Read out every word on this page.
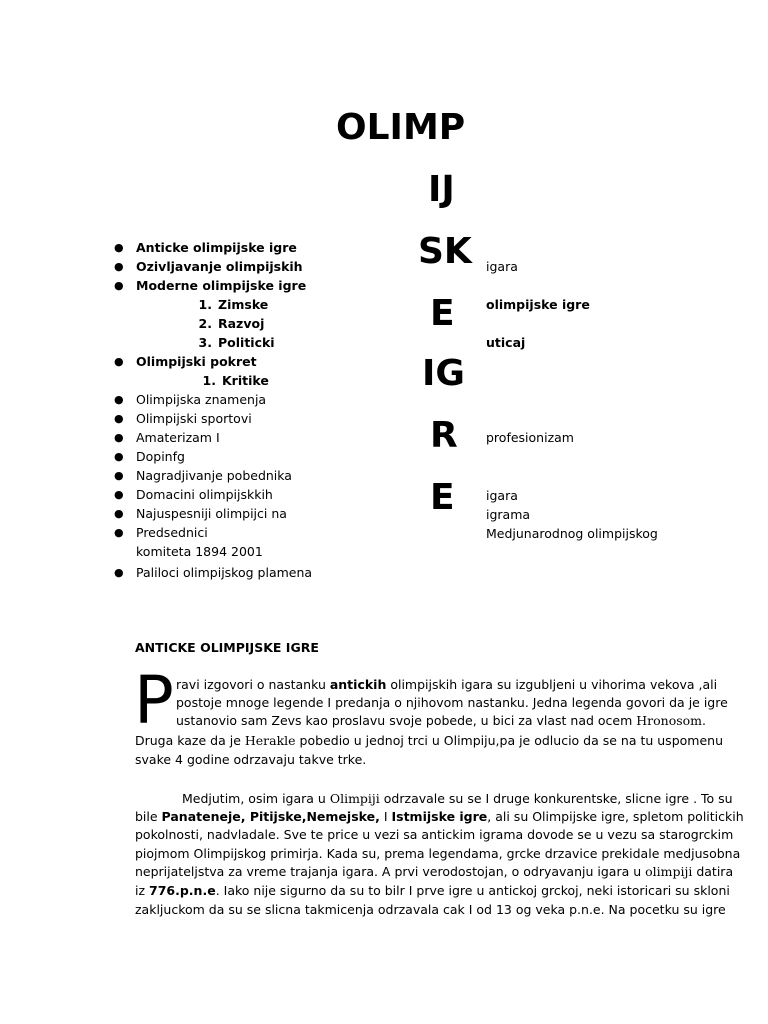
OLIMP
IJ
SK
E
IG
R
E
● Anticke olimpijske igre
● Ozivljavanje olimpijskih
● Moderne olimpijske igre
1. Zimske
2. Razvoj
3. Politicki
● Olimpijski pokret
1. Kritike
● Olimpijska znamenja
● Olimpijski sportovi
● Amaterizam I
● Dopinfg
● Nagradjivanje pobednika
● Domacini olimpijskkih
● Najuspesniji olimpijci na
● Predsednici
komiteta 1894 2001
● Paliloci olimpijskog plamena
igara
olimpijske igre
uticaj
profesionizam
igara
igrama
Medjunarodnog olimpijskog
ANTICKE OLIMPIJSKE IGRE
P ravi izgovori o nastanku antickih olimpijskih igara su izgubljeni u vihorima vekova ,ali
postoje mnoge legende I predanja o njihovom nastanku. Jedna legenda govori da je igre
ustanovio sam Zevs kao proslavu svoje pobede, u bici za vlast nad ocem Hronosom.
Druga kaze da je Herakle pobedio u jednoj trci u Olimpiju,pa je odlucio da se na tu uspomenu
svake 4 godine odrzavaju takve trke.
Medjutim, osim igara u Olimpiji odrzavale su se I druge konkurentske, slicne igre . To su
bile Panateneje, Pitijske,Nemejske, I Istmijske igre, ali su Olimpijske igre, spletom politickih
pokolnosti, nadvladale. Sve te price u vezi sa antickim igrama dovode se u vezu sa starogrckim
piojmom Olimpijskog primirja. Kada su, prema legendama, grcke drzavice prekidale medjusobna
neprijateljstva za vreme trajanja igara. A prvi verodostojan, o odryavanju igara u olimpiji datira
iz 776.p.n.e. Iako nije sigurno da su to bilr I prve igre u antickoj grckoj, neki istoricari su skloni
zakljuckom da su se slicna takmicenja odrzavala cak I od 13 og veka p.n.e. Na pocetku su igre
